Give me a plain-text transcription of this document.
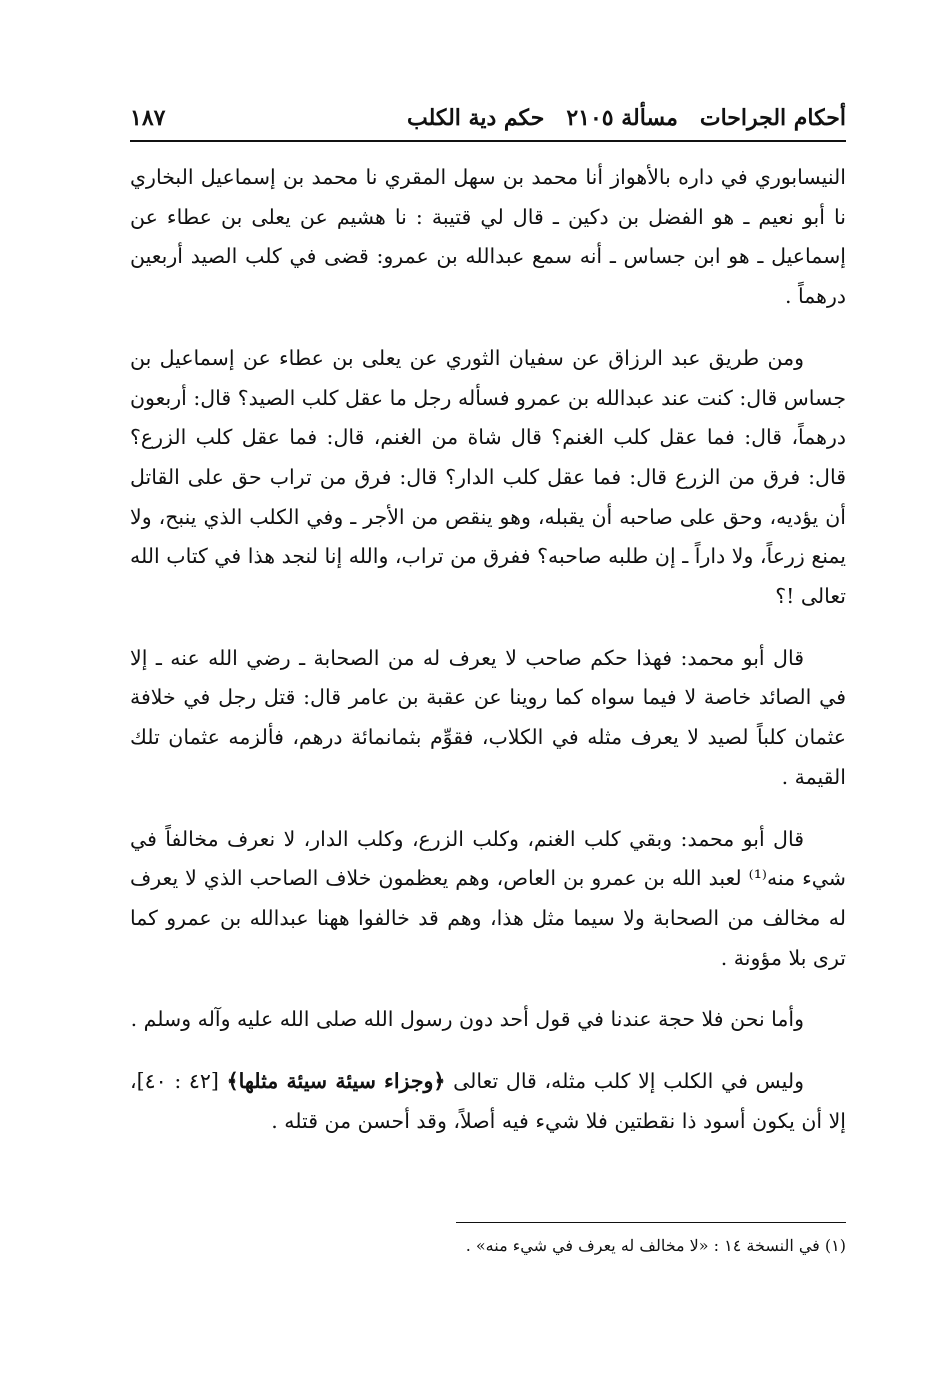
أحكام الجراحات
مسألة ٢١٠٥
حكم دية الكلب
١٨٧

النيسابوري في داره بالأهواز أنا محمد بن سهل المقري نا محمد بن إسماعيل البخاري نا أبو نعيم ـ هو الفضل بن دكين ـ قال لي قتيبة : نا هشيم عن يعلى بن عطاء عن إسماعيل ـ هو ابن جساس ـ أنه سمع عبدالله بن عمرو: قضى في كلب الصيد أربعين درهماً .

ومن طريق عبد الرزاق عن سفيان الثوري عن يعلى بن عطاء عن إسماعيل بن جساس قال: كنت عند عبدالله بن عمرو فسأله رجل ما عقل كلب الصيد؟ قال: أربعون درهماً، قال: فما عقل كلب الغنم؟ قال شاة من الغنم، قال: فما عقل كلب الزرع؟ قال: فرق من الزرع قال: فما عقل كلب الدار؟ قال: فرق من تراب حق على القاتل أن يؤديه، وحق على صاحبه أن يقبله، وهو ينقص من الأجر ـ وفي الكلب الذي ينبح، ولا يمنع زرعاً، ولا داراً ـ إن طلبه صاحبه؟ ففرق من تراب، والله إنا لنجد هذا في كتاب الله تعالى !؟

قال أبو محمد: فهذا حكم صاحب لا يعرف له من الصحابة ـ رضي الله عنه ـ إلا في الصائد خاصة لا فيما سواه كما روينا عن عقبة بن عامر قال: قتل رجل في خلافة عثمان كلباً لصيد لا يعرف مثله في الكلاب، فقوِّم بثمانمائة درهم، فألزمه عثمان تلك القيمة .

قال أبو محمد: وبقي كلب الغنم، وكلب الزرع، وكلب الدار، لا نعرف مخالفاً في شيء منه⁽¹⁾ لعبد الله بن عمرو بن العاص، وهم يعظمون خلاف الصاحب الذي لا يعرف له مخالف من الصحابة ولا سيما مثل هذا، وهم قد خالفوا ههنا عبدالله بن عمرو كما ترى بلا مؤونة .

وأما نحن فلا حجة عندنا في قول أحد دون رسول الله صلى الله عليه وآله وسلم .

وليس في الكلب إلا كلب مثله، قال تعالى ﴿وجزاء سيئة سيئة مثلها﴾ [٤٢ : ٤٠]، إلا أن يكون أسود ذا نقطتين فلا شيء فيه أصلاً، وقد أحسن من قتله .

(١) في النسخة ١٤ : «لا مخالف له يعرف في شيء منه» .
